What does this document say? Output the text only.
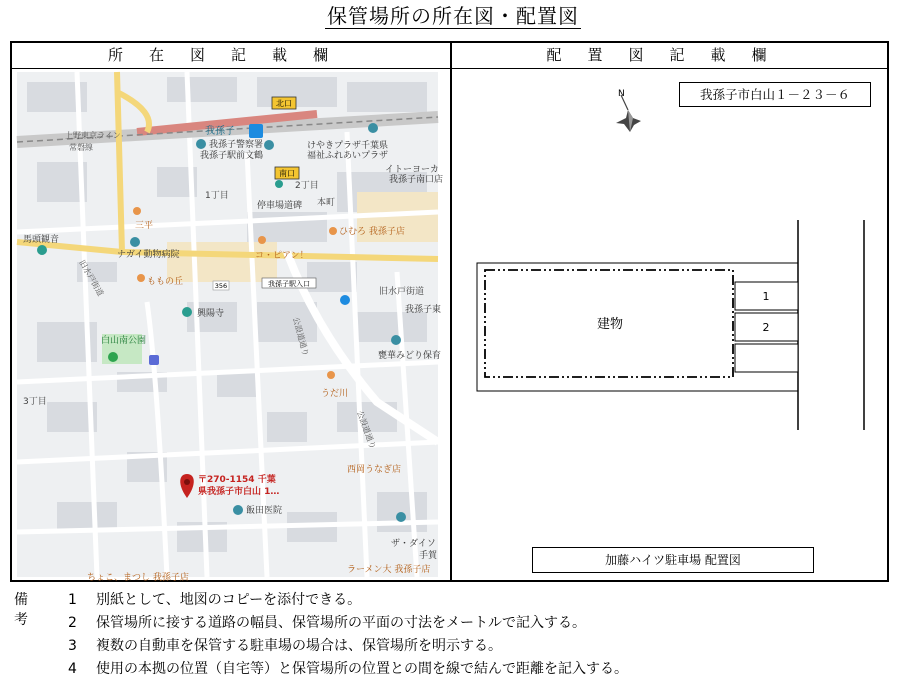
保管場所の所在図・配置図
所在図記載欄	配置図記載欄
北口
南口
我孫子
上野東京ライン
常磐線	我孫子警察署
我孫子駅前文鶴
けやきプラザ千葉県
福祉ふれあいプラザ
イトーヨーカ
我孫子南口店
1丁目
2丁目
本町
停車場道碑
三平
ひむろ 我孫子店
ナガイ動物病院	コ・ピアン！
馬頭観音
旧水戸街道	ももの丘	我孫子駅入口
356
旧水戸街道
興陽寺	我孫子東
公設道通り
白山南公園
うだ川
甕華みどり保育
3丁目
公設道通り
〒270-1154 千葉
県我孫子市白山 1…
西岡うなぎ店
飯田医院
ザ・ダイソ
手賀
ラーメン大 我孫子店
ちょこ、まつし 我孫子店
我孫子市白山１－２３－６
N
建物
1
2
加藤ハイツ駐車場 配置図
備考
1 別紙として、地図のコピーを添付できる。
2 保管場所に接する道路の幅員、保管場所の平面の寸法をメートルで記入する。
3 複数の自動車を保管する駐車場の場合は、保管場所を明示する。
4 使用の本拠の位置（自宅等）と保管場所の位置との間を線で結んで距離を記入する。
